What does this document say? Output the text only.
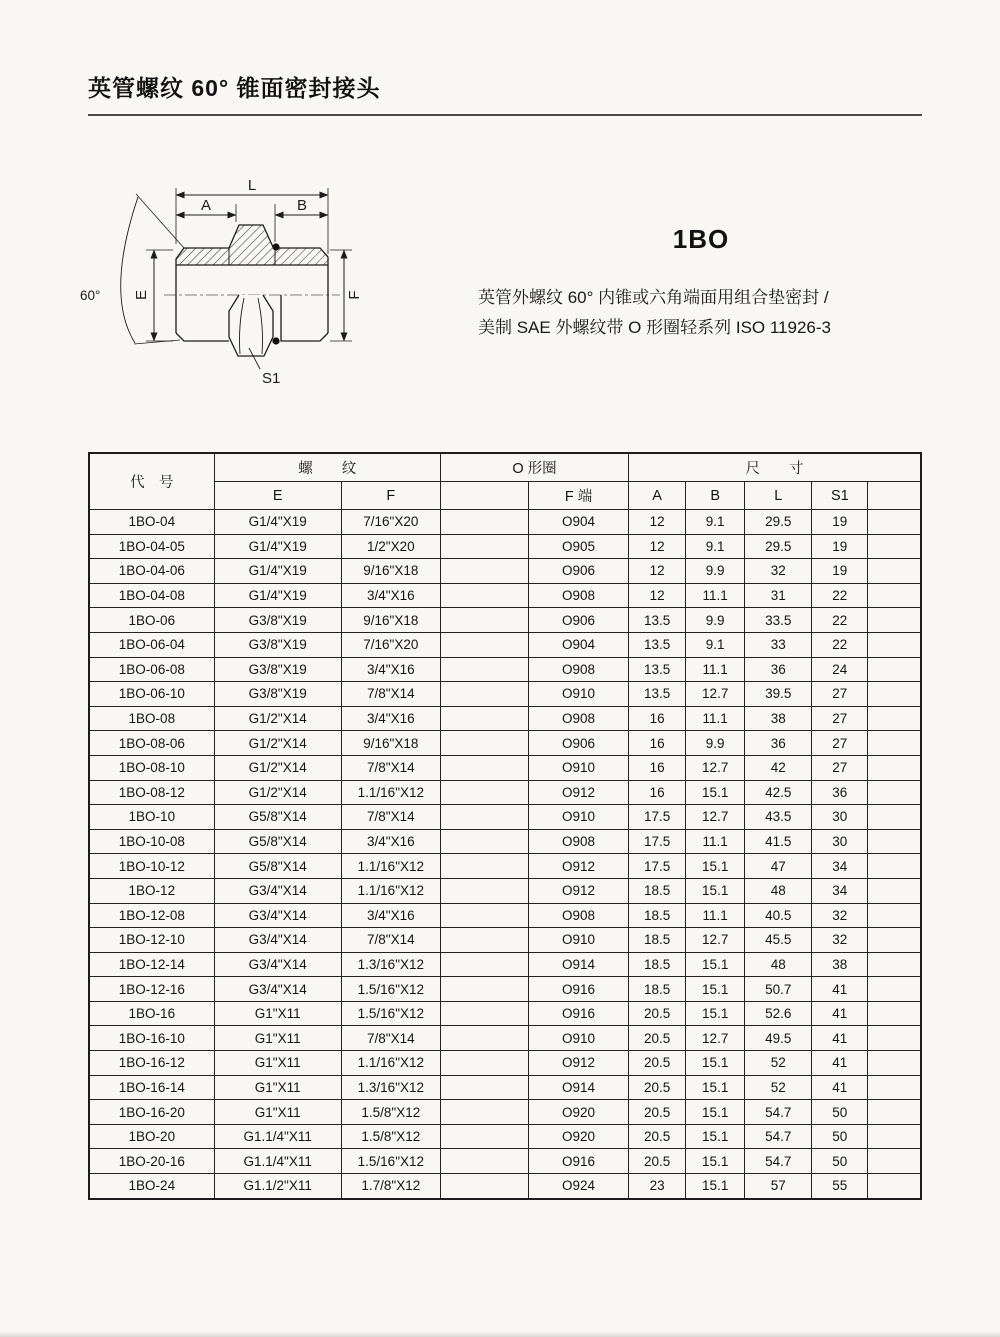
英管螺纹 60° 锥面密封接头
L
A	B
E	F
60°
S1
1BO

英管外螺纹 60° 内锥或六角端面用组合垫密封 /
美制 SAE 外螺纹带 O 形圈轻系列 ISO 11926-3

代　号	螺　　纹		O 形圈		尺　　寸				
	E	F		F 端	A	B	L	S1	
1BO-04	G1/4"X19	7/16"X20		O904	12	9.1	29.5	19	
1BO-04-05	G1/4"X19	1/2"X20		O905	12	9.1	29.5	19	
1BO-04-06	G1/4"X19	9/16"X18		O906	12	9.9	32	19	
1BO-04-08	G1/4"X19	3/4"X16		O908	12	11.1	31	22	
1BO-06	G3/8"X19	9/16"X18		O906	13.5	9.9	33.5	22	
1BO-06-04	G3/8"X19	7/16"X20		O904	13.5	9.1	33	22	
1BO-06-08	G3/8"X19	3/4"X16		O908	13.5	11.1	36	24	
1BO-06-10	G3/8"X19	7/8"X14		O910	13.5	12.7	39.5	27	
1BO-08	G1/2"X14	3/4"X16		O908	16	11.1	38	27	
1BO-08-06	G1/2"X14	9/16"X18		O906	16	9.9	36	27	
1BO-08-10	G1/2"X14	7/8"X14		O910	16	12.7	42	27	
1BO-08-12	G1/2"X14	1.1/16"X12		O912	16	15.1	42.5	36	
1BO-10	G5/8"X14	7/8"X14		O910	17.5	12.7	43.5	30	
1BO-10-08	G5/8"X14	3/4"X16		O908	17.5	11.1	41.5	30	
1BO-10-12	G5/8"X14	1.1/16"X12		O912	17.5	15.1	47	34	
1BO-12	G3/4"X14	1.1/16"X12		O912	18.5	15.1	48	34	
1BO-12-08	G3/4"X14	3/4"X16		O908	18.5	11.1	40.5	32	
1BO-12-10	G3/4"X14	7/8"X14		O910	18.5	12.7	45.5	32	
1BO-12-14	G3/4"X14	1.3/16"X12		O914	18.5	15.1	48	38	
1BO-12-16	G3/4"X14	1.5/16"X12		O916	18.5	15.1	50.7	41	
1BO-16	G1"X11	1.5/16"X12		O916	20.5	15.1	52.6	41	
1BO-16-10	G1"X11	7/8"X14		O910	20.5	12.7	49.5	41	
1BO-16-12	G1"X11	1.1/16"X12		O912	20.5	15.1	52	41	
1BO-16-14	G1"X11	1.3/16"X12		O914	20.5	15.1	52	41	
1BO-16-20	G1"X11	1.5/8"X12		O920	20.5	15.1	54.7	50	
1BO-20	G1.1/4"X11	1.5/8"X12		O920	20.5	15.1	54.7	50	
1BO-20-16	G1.1/4"X11	1.5/16"X12		O916	20.5	15.1	54.7	50	
1BO-24	G1.1/2"X11	1.7/8"X12		O924	23	15.1	57	55	
